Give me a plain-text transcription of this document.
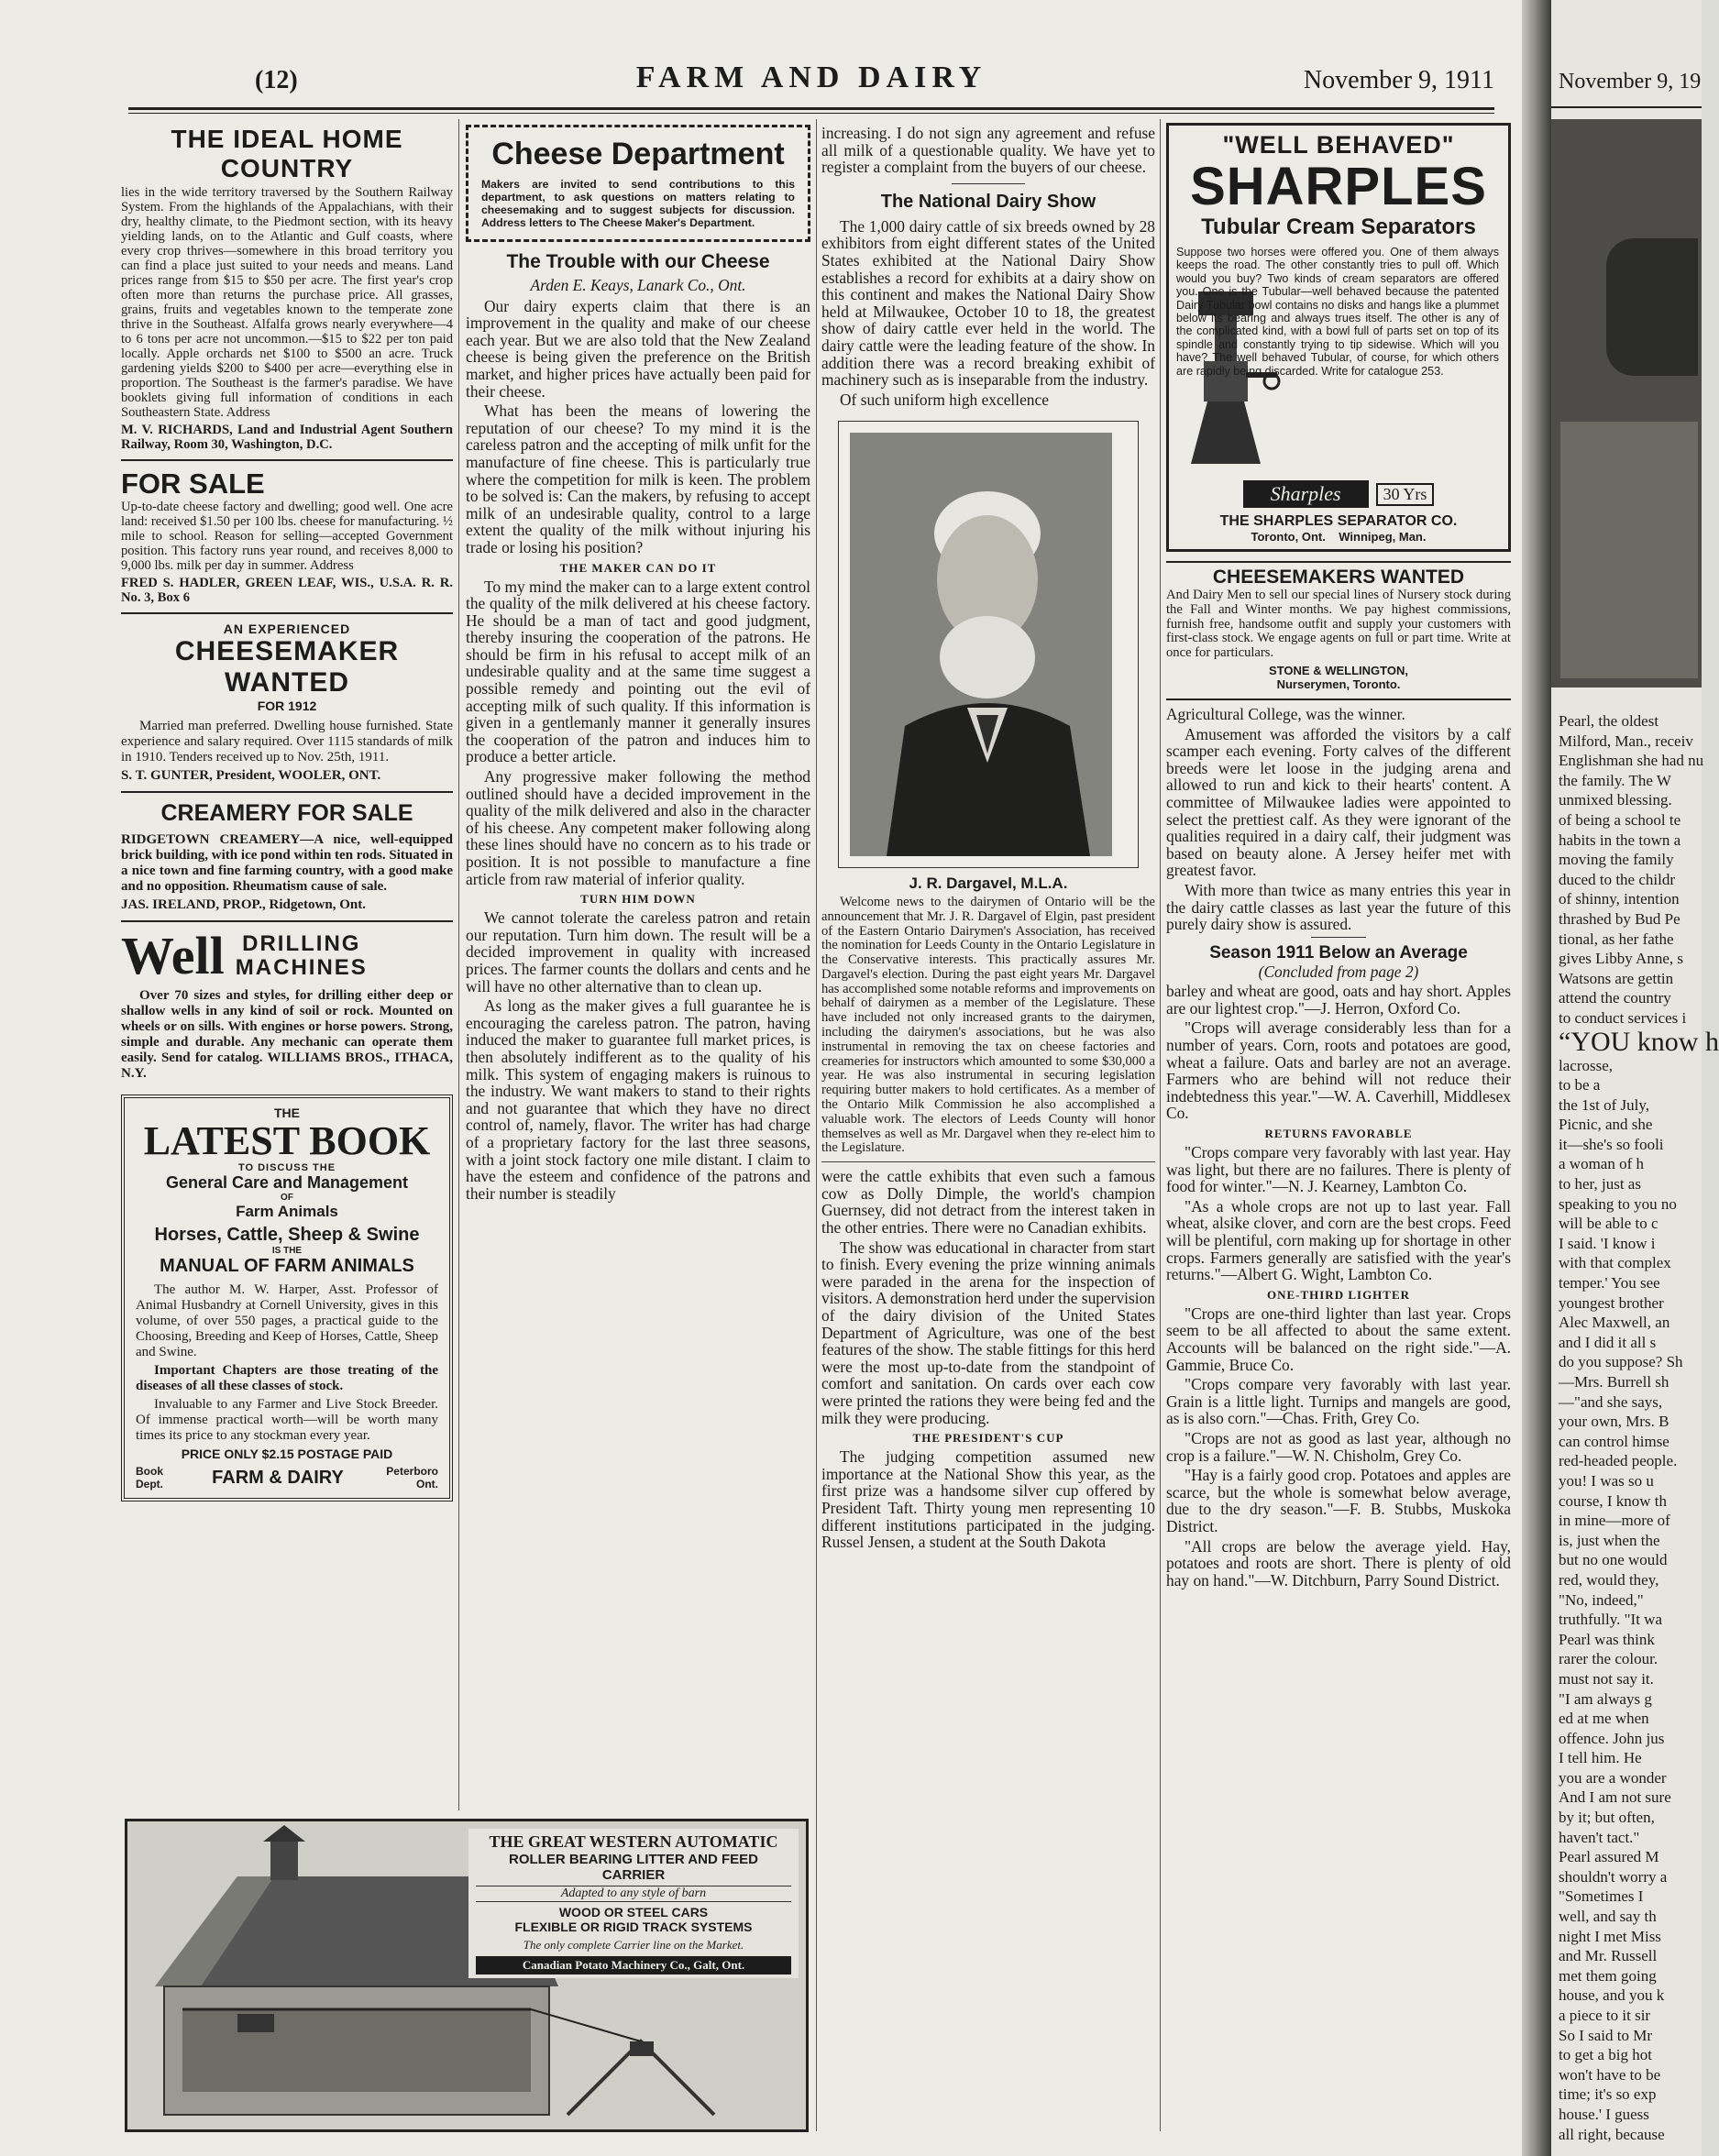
(12)	FARM AND DAIRY	November 9, 1911
THE IDEAL HOME COUNTRY

lies in the wide territory traversed by the Southern Railway System. From the highlands of the Appalachians, with their dry, healthy climate, to the Piedmont section, with its heavy yielding lands, on to the Atlantic and Gulf coasts, where every crop thrives—somewhere in this broad territory you can find a place just suited to your needs and means. Land prices range from $15 to $50 per acre. The first year's crop often more than returns the purchase price. All grasses, grains, fruits and vegetables known to the temperate zone thrive in the Southeast. Alfalfa grows nearly everywhere—4 to 6 tons per acre not uncommon.—$15 to $22 per ton paid locally. Apple orchards net $100 to $500 an acre. Truck gardening yields $200 to $400 per acre—everything else in proportion. The Southeast is the farmer's paradise. We have booklets giving full information of conditions in each Southeastern State. Address

M. V. RICHARDS, Land and Industrial Agent Southern Railway, Room 30, Washington, D.C.

FOR SALE

Up-to-date cheese factory and dwelling; good well. One acre land: received $1.50 per 100 lbs. cheese for manufacturing. ½ mile to school. Reason for selling—accepted Government position. This factory runs year round, and receives 8,000 to 9,000 lbs. milk per day in summer. Address

FRED S. HADLER, GREEN LEAF, WIS., U.S.A. R. R. No. 3, Box 6

AN EXPERIENCED
CHEESEMAKER WANTED
FOR 1912

Married man preferred. Dwelling house furnished. State experience and salary required. Over 1115 standards of milk in 1910. Tenders received up to Nov. 25th, 1911.

S. T. GUNTER, President, WOOLER, ONT.

CREAMERY FOR SALE

RIDGETOWN CREAMERY—A nice, well-equipped brick building, with ice pond within ten rods. Situated in a nice town and fine farming country, with a good make and no opposition. Rheumatism cause of sale.

JAS. IRELAND, PROP., Ridgetown, Ont.

Well DRILLING
MACHINES

Over 70 sizes and styles, for drilling either deep or shallow wells in any kind of soil or rock. Mounted on wheels or on sills. With engines or horse powers. Strong, simple and durable. Any mechanic can operate them easily. Send for catalog. WILLIAMS BROS., ITHACA, N.Y.

THE
LATEST BOOK
TO DISCUSS THE
General Care and Management
OF
Farm Animals
Horses, Cattle, Sheep & Swine
IS THE
MANUAL OF FARM ANIMALS

The author M. W. Harper, Asst. Professor of Animal Husbandry at Cornell University, gives in this volume, of over 550 pages, a practical guide to the Choosing, Breeding and Keep of Horses, Cattle, Sheep and Swine.

Important Chapters are those treating of the diseases of all these classes of stock.

Invaluable to any Farmer and Live Stock Breeder. Of immense practical worth—will be worth many times its price to any stockman every year.

PRICE ONLY $2.15 POSTAGE PAID
Book Dept.	FARM & DAIRY	Peterboro Ont.
Cheese Department

Makers are invited to send contributions to this department, to ask questions on matters relating to cheesemaking and to suggest subjects for discussion. Address letters to The Cheese Maker's Department.

The Trouble with our Cheese

Arden E. Keays, Lanark Co., Ont.

Our dairy experts claim that there is an improvement in the quality and make of our cheese each year. But we are also told that the New Zealand cheese is being given the preference on the British market, and higher prices have actually been paid for their cheese.

What has been the means of lowering the reputation of our cheese? To my mind it is the careless patron and the accepting of milk unfit for the manufacture of fine cheese. This is particularly true where the competition for milk is keen. The problem to be solved is: Can the makers, by refusing to accept milk of an undesirable quality, control to a large extent the quality of the milk without injuring his trade or losing his position?

THE MAKER CAN DO IT

To my mind the maker can to a large extent control the quality of the milk delivered at his cheese factory. He should be a man of tact and good judgment, thereby insuring the cooperation of the patrons. He should be firm in his refusal to accept milk of an undesirable quality and at the same time suggest a possible remedy and pointing out the evil of accepting milk of such quality. If this information is given in a gentlemanly manner it generally insures the cooperation of the patron and induces him to produce a better article.

Any progressive maker following the method outlined should have a decided improvement in the quality of the milk delivered and also in the character of his cheese. Any competent maker following along these lines should have no concern as to his trade or position. It is not possible to manufacture a fine article from raw material of inferior quality.

TURN HIM DOWN

We cannot tolerate the careless patron and retain our reputation. Turn him down. The result will be a decided improvement in quality with increased prices. The farmer counts the dollars and cents and he will have no other alternative than to clean up.

As long as the maker gives a full guarantee he is encouraging the careless patron. The patron, having induced the maker to guarantee full market prices, is then absolutely indifferent as to the quality of his milk. This system of engaging makers is ruinous to the industry. We want makers to stand to their rights and not guarantee that which they have no direct control of, namely, flavor. The writer has had charge of a proprietary factory for the last three seasons, with a joint stock factory one mile distant. I claim to have the esteem and confidence of the patrons and their number is steadily

increasing. I do not sign any agreement and refuse all milk of a questionable quality. We have yet to register a complaint from the buyers of our cheese.

The National Dairy Show

The 1,000 dairy cattle of six breeds owned by 28 exhibitors from eight different states of the United States exhibited at the National Dairy Show establishes a record for exhibits at a dairy show on this continent and makes the National Dairy Show held at Milwaukee, October 10 to 18, the greatest show of dairy cattle ever held in the world. The dairy cattle were the leading feature of the show. In addition there was a record breaking exhibit of machinery such as is inseparable from the industry.

Of such uniform high excellence

J. R. Dargavel, M.L.A.

Welcome news to the dairymen of Ontario will be the announcement that Mr. J. R. Dargavel of Elgin, past president of the Eastern Ontario Dairymen's Association, has received the nomination for Leeds County in the Ontario Legislature in the Conservative interests. This practically assures Mr. Dargavel's election. During the past eight years Mr. Dargavel has accomplished some notable reforms and improvements on behalf of dairymen as a member of the Legislature. These have included not only increased grants to the dairymen, including the dairymen's associations, but he was also instrumental in removing the tax on cheese factories and creameries for instructors which amounted to some $30,000 a year. He was also instrumental in securing legislation requiring butter makers to hold certificates. As a member of the Ontario Milk Commission he also accomplished a valuable work. The electors of Leeds County will honor themselves as well as Mr. Dargavel when they re-elect him to the Legislature.

were the cattle exhibits that even such a famous cow as Dolly Dimple, the world's champion Guernsey, did not detract from the interest taken in the other entries. There were no Canadian exhibits.

The show was educational in character from start to finish. Every evening the prize winning animals were paraded in the arena for the inspection of visitors. A demonstration herd under the supervision of the dairy division of the United States Department of Agriculture, was one of the best features of the show. The stable fittings for this herd were the most up-to-date from the standpoint of comfort and sanitation. On cards over each cow were printed the rations they were being fed and the milk they were producing.

THE PRESIDENT'S CUP

The judging competition assumed new importance at the National Show this year, as the first prize was a handsome silver cup offered by President Taft. Thirty young men representing 10 different institutions participated in the judging. Russel Jensen, a student at the South Dakota

"WELL BEHAVED"
SHARPLES
Tubular Cream Separators

Suppose two horses were offered you. One of them always keeps the road. The other constantly tries to pull off. Which would you buy? Two kinds of cream separators are offered you. One is the Tubular—well behaved because the patented Dairy Tubular bowl contains no disks and hangs like a plummet below its bearing and always trues itself. The other is any of the complicated kind, with a bowl full of parts set on top of its spindle and constantly trying to tip sidewise. Which will you have? The well behaved Tubular, of course, for which others are rapidly being discarded. Write for catalogue 253.

Sharples	30 Yrs
THE SHARPLES SEPARATOR CO.
Toronto, Ont.    Winnipeg, Man.
CHEESEMAKERS WANTED

And Dairy Men to sell our special lines of Nursery stock during the Fall and Winter months. We pay highest commissions, furnish free, handsome outfit and supply your customers with first-class stock. We engage agents on full or part time. Write at once for particulars.

STONE & WELLINGTON,
Nurserymen, Toronto.

Agricultural College, was the winner.

Amusement was afforded the visitors by a calf scamper each evening. Forty calves of the different breeds were let loose in the judging arena and allowed to run and kick to their hearts' content. A committee of Milwaukee ladies were appointed to select the prettiest calf. As they were ignorant of the qualities required in a dairy calf, their judgment was based on beauty alone. A Jersey heifer met with greatest favor.

With more than twice as many entries this year in the dairy cattle classes as last year the future of this purely dairy show is assured.

Season 1911 Below an Average

(Concluded from page 2)

barley and wheat are good, oats and hay short. Apples are our lightest crop."—J. Herron, Oxford Co.

"Crops will average considerably less than for a number of years. Corn, roots and potatoes are good, wheat a failure. Oats and barley are not an average. Farmers who are behind will not reduce their indebtedness this year."—W. A. Caverhill, Middlesex Co.

RETURNS FAVORABLE

"Crops compare very favorably with last year. Hay was light, but there are no failures. There is plenty of food for winter."—N. J. Kearney, Lambton Co.

"As a whole crops are not up to last year. Fall wheat, alsike clover, and corn are the best crops. Feed will be plentiful, corn making up for shortage in other crops. Farmers generally are satisfied with the year's returns."—Albert G. Wight, Lambton Co.

ONE-THIRD LIGHTER

"Crops are one-third lighter than last year. Crops seem to be all affected to about the same extent. Accounts will be balanced on the right side."—A. Gammie, Bruce Co.

"Crops compare very favorably with last year. Grain is a little light. Turnips and mangels are good, as is also corn."—Chas. Frith, Grey Co.

"Crops are not as good as last year, although no crop is a failure."—W. N. Chisholm, Grey Co.

"Hay is a fairly good crop. Potatoes and apples are scarce, but the whole is somewhat below average, due to the dry season."—F. B. Stubbs, Muskoka District.

"All crops are below the average yield. Hay, potatoes and roots are short. There is plenty of old hay on hand."—W. Ditchburn, Parry Sound District.

THE GREAT WESTERN AUTOMATIC
ROLLER BEARING LITTER AND FEED CARRIER
Adapted to any style of barn
WOOD OR STEEL CARS
FLEXIBLE OR RIGID TRACK SYSTEMS
The only complete Carrier line on the Market.
Canadian Potato Machinery Co., Galt, Ont.
November 9, 19
Pearl, the oldest
Milford, Man., receiv
Englishman she had nu
the family. The W
unmixed blessing.
of being a school te
habits in the town a
moving the family
duced to the childr
of shinny, intention
thrashed by Bud Pe
tional, as her fathe
gives Libby Anne, s
Watsons are gettin
attend the country
to conduct services i
“YOU know h
lacrosse,
to be a
the 1st of July,
Picnic, and she
it—she's so fooli
a woman of h
to her, just as
speaking to you no
will be able to c
I said. 'I know i
with that complex
temper.' You see
youngest brother
Alec Maxwell, an
and I did it all s
do you suppose? Sh
—Mrs. Burrell sh
—"and she says,
your own, Mrs. B
can control himse
red-headed people.
you! I was so u
course, I know th
in mine—more of
is, just when the
but no one would
red, would they,
"No, indeed,"
truthfully. "It wa
Pearl was think
rarer the colour.
must not say it.
"I am always g
ed at me when
offence. John jus
I tell him. He
you are a wonder
And I am not sure
by it; but often,
haven't tact."
Pearl assured M
shouldn't worry a
"Sometimes I
well, and say th
night I met Miss
and Mr. Russell
met them going
house, and you k
a piece to it sir
So I said to Mr
to get a big hot
won't have to be
time; it's so exp
house.' I guess
all right, because
